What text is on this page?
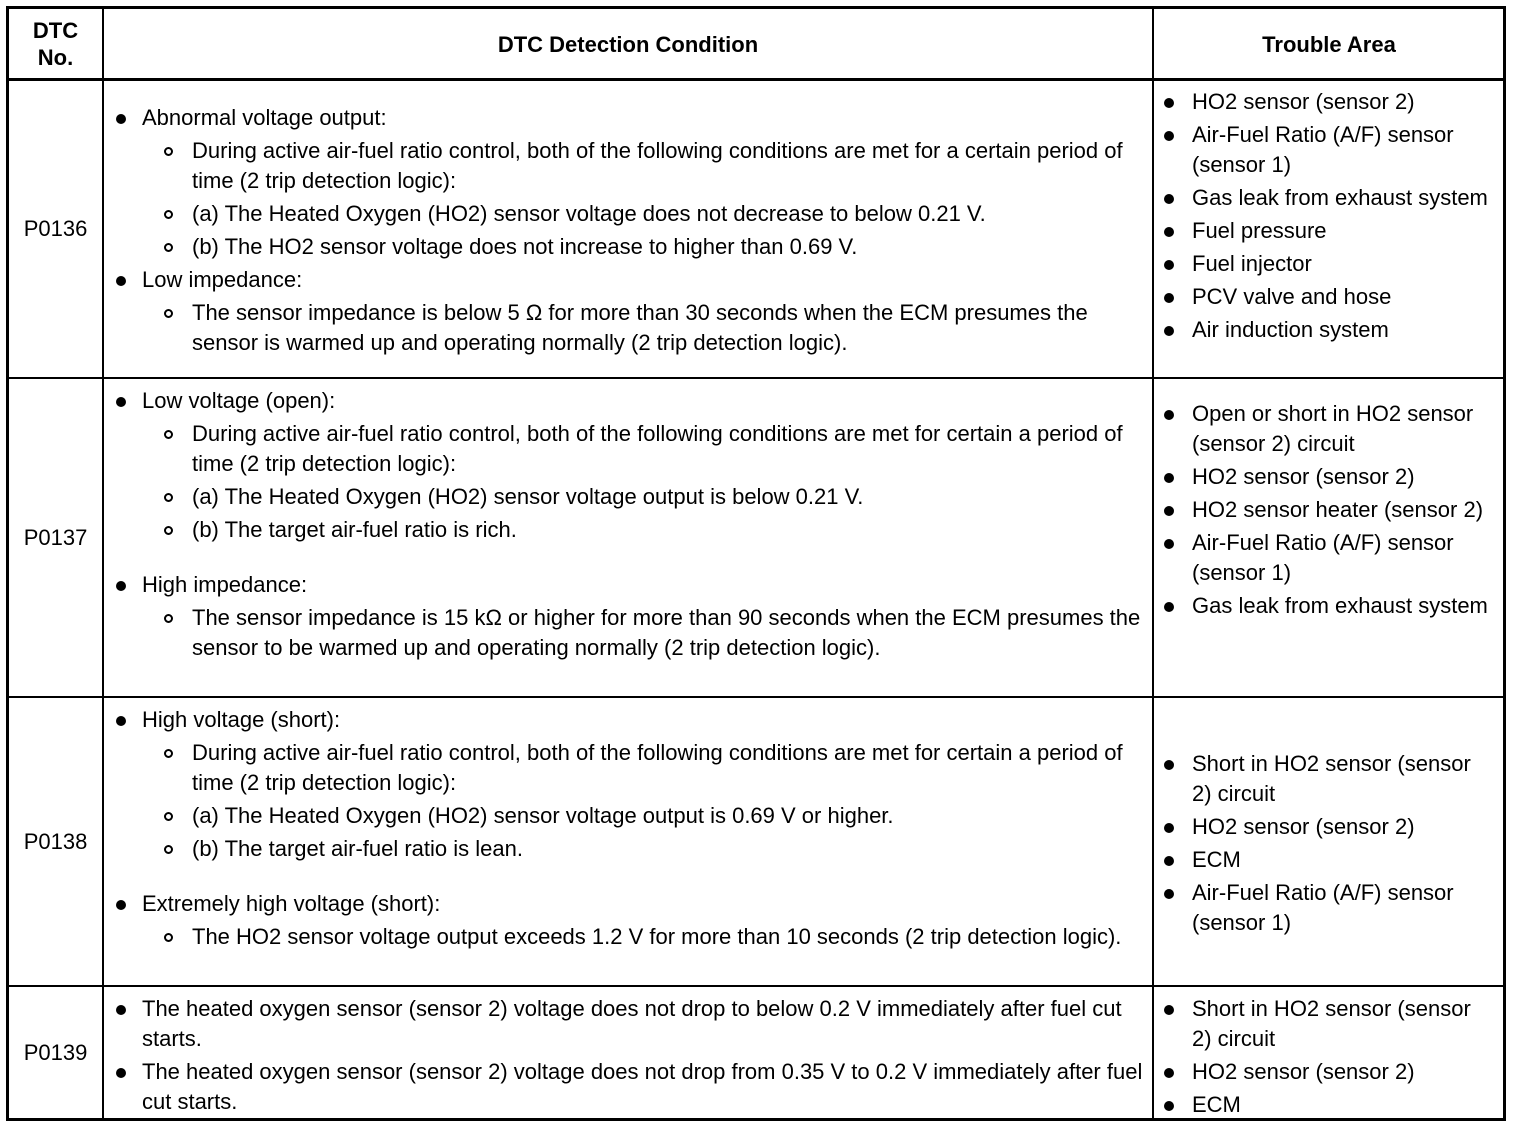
DTC No.
DTC Detection Condition	Trouble Area
P0136
Abnormal voltage output:
During active air-fuel ratio control, both of the following conditions are met for a certain period of time (2 trip detection logic):
(a) The Heated Oxygen (HO2) sensor voltage does not decrease to below 0.21 V.
(b) The HO2 sensor voltage does not increase to higher than 0.69 V.
Low impedance:
The sensor impedance is below 5 Ω for more than 30 seconds when the ECM presumes the sensor is warmed up and operating normally (2 trip detection logic).
HO2 sensor (sensor 2)
Air-Fuel Ratio (A/F) sensor (sensor 1)
Gas leak from exhaust system
Fuel pressure
Fuel injector
PCV valve and hose
Air induction system
P0137
Low voltage (open):
During active air-fuel ratio control, both of the following conditions are met for certain a period of time (2 trip detection logic):
(a) The Heated Oxygen (HO2) sensor voltage output is below 0.21 V.
(b) The target air-fuel ratio is rich.
High impedance:
The sensor impedance is 15 kΩ or higher for more than 90 seconds when the ECM presumes the sensor to be warmed up and operating normally (2 trip detection logic).
Open or short in HO2 sensor (sensor 2) circuit
HO2 sensor (sensor 2)
HO2 sensor heater (sensor 2)
Air-Fuel Ratio (A/F) sensor (sensor 1)
Gas leak from exhaust system
P0138
High voltage (short):
During active air-fuel ratio control, both of the following conditions are met for certain a period of time (2 trip detection logic):
(a) The Heated Oxygen (HO2) sensor voltage output is 0.69 V or higher.
(b) The target air-fuel ratio is lean.
Extremely high voltage (short):
The HO2 sensor voltage output exceeds 1.2 V for more than 10 seconds (2 trip detection logic).
Short in HO2 sensor (sensor 2) circuit
HO2 sensor (sensor 2)
ECM
Air-Fuel Ratio (A/F) sensor (sensor 1)
P0139
The heated oxygen sensor (sensor 2) voltage does not drop to below 0.2 V immediately after fuel cut starts.
The heated oxygen sensor (sensor 2) voltage does not drop from 0.35 V to 0.2 V immediately after fuel cut starts.
Short in HO2 sensor (sensor 2) circuit
HO2 sensor (sensor 2)
ECM
